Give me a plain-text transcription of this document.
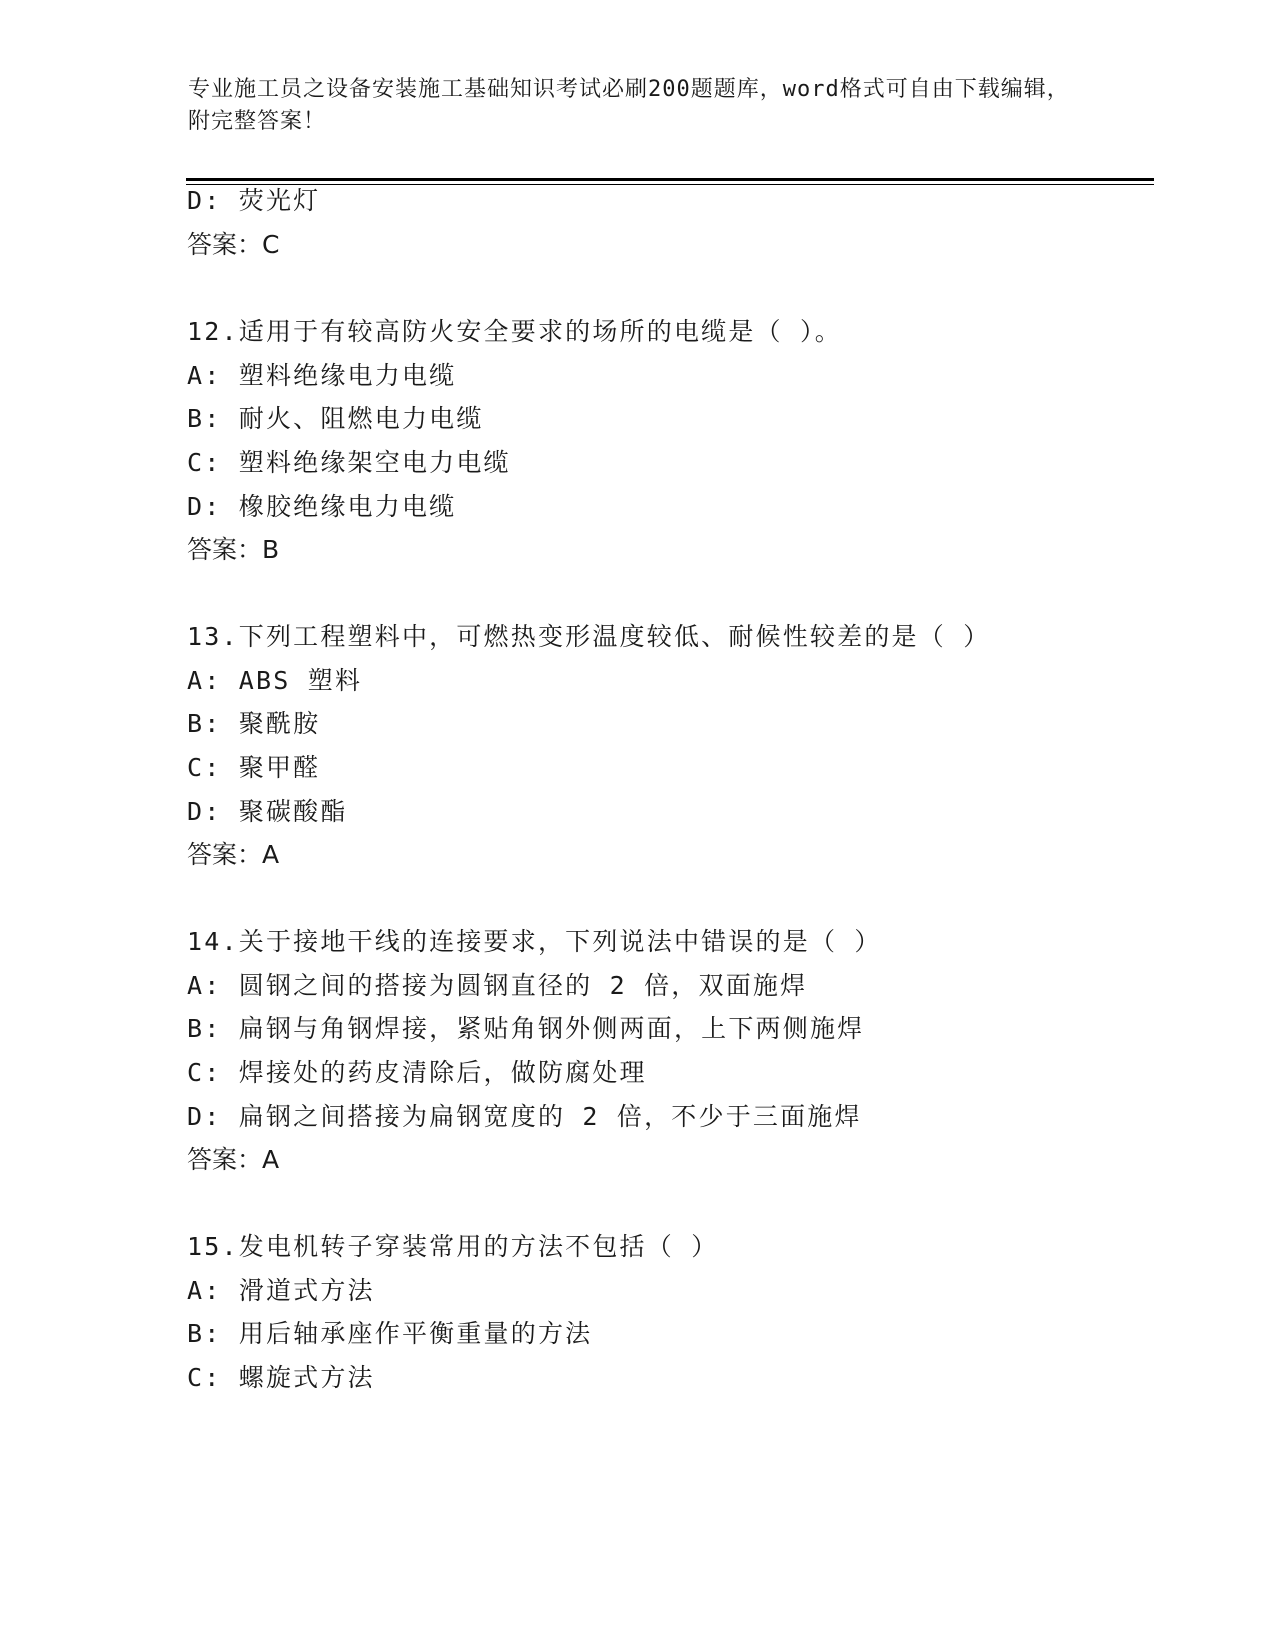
专业施工员之设备安装施工基础知识考试必刷200题题库，word格式可自由下载编辑，附完整答案！
D: 荧光灯
答案：C
12.适用于有较高防火安全要求的场所的电缆是（ ）。
A: 塑料绝缘电力电缆
B: 耐火、阻燃电力电缆
C: 塑料绝缘架空电力电缆
D: 橡胶绝缘电力电缆
答案：B
13.下列工程塑料中，可燃热变形温度较低、耐候性较差的是（ ）
A: ABS 塑料
B: 聚酰胺
C: 聚甲醛
D: 聚碳酸酯
答案：A
14.关于接地干线的连接要求，下列说法中错误的是（ ）
A: 圆钢之间的搭接为圆钢直径的 2 倍，双面施焊
B: 扁钢与角钢焊接，紧贴角钢外侧两面，上下两侧施焊
C: 焊接处的药皮清除后，做防腐处理
D: 扁钢之间搭接为扁钢宽度的 2 倍，不少于三面施焊
答案：A
15.发电机转子穿装常用的方法不包括（ ）
A: 滑道式方法
B: 用后轴承座作平衡重量的方法
C: 螺旋式方法
